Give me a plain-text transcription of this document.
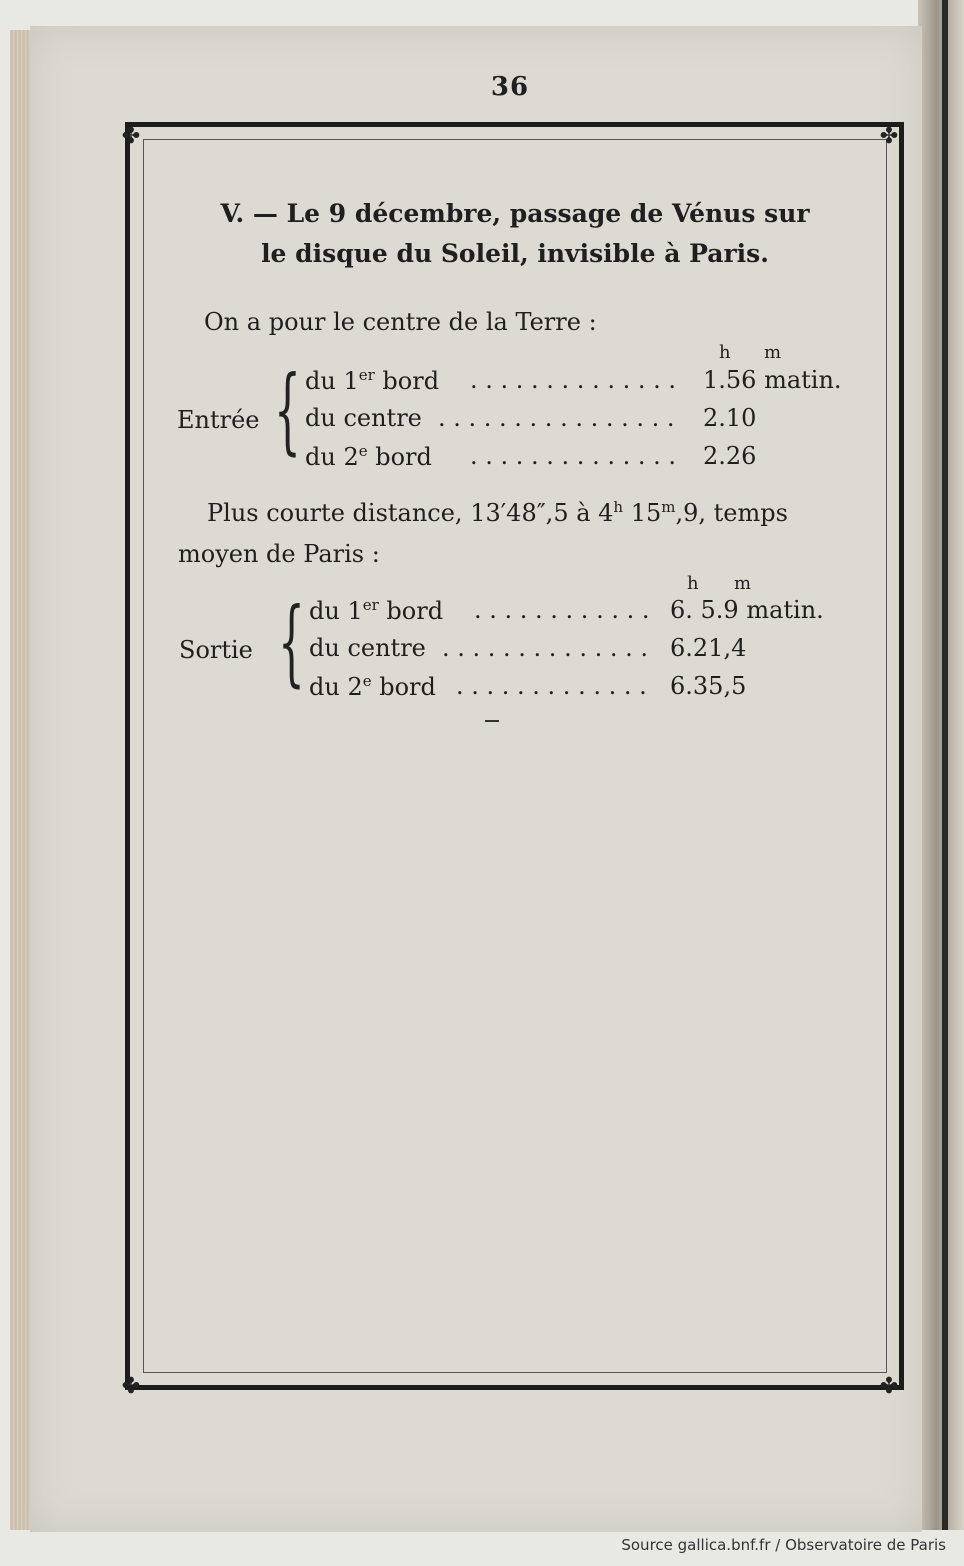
36
✤	✤
✤	✤
V. — Le 9 décembre, passage de Vénus sur
le disque du Soleil, invisible à Paris.
On a pour le centre de la Terre :
h m
Entrée { du 1er bord . . . . . . . . . . . . . . 1.56 matin.
du centre . . . . . . . . . . . . . . . . 2.10
du 2e bord . . . . . . . . . . . . . . 2.26
Plus courte distance, 13′48″,5 à 4$^h$ 15$^m$,9, temps
moyen de Paris :
h m
Sortie { du 1er bord . . . . . . . . . . . . 6. 5.9 matin.
du centre . . . . . . . . . . . . . . 6.21,4
du 2e bord . . . . . . . . . . . . . 6.35,5
Source gallica.bnf.fr / Observatoire de Paris
